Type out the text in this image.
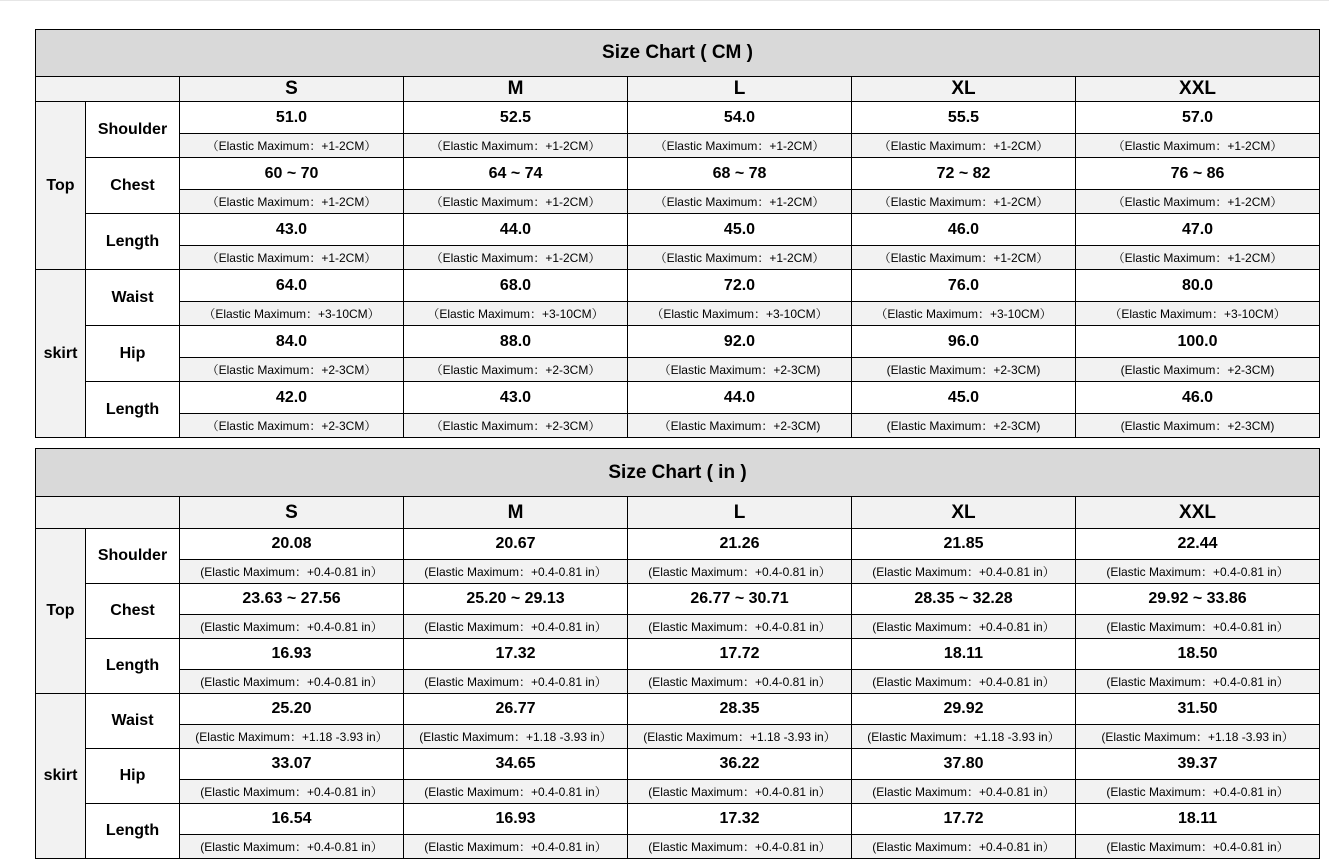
Size Chart ( CM )						
		S	M	L	XL	XXL
Top	Shoulder	51.0	52.5	54.0	55.5	57.0
		（Elastic Maximum：+1-2CM）	（Elastic Maximum：+1-2CM）	（Elastic Maximum：+1-2CM）	（Elastic Maximum：+1-2CM）	（Elastic Maximum：+1-2CM）
	Chest	60 ~ 70	64 ~ 74	68 ~ 78	72 ~ 82	76 ~ 86
		（Elastic Maximum：+1-2CM）	（Elastic Maximum：+1-2CM）	（Elastic Maximum：+1-2CM）	（Elastic Maximum：+1-2CM）	（Elastic Maximum：+1-2CM）
	Length	43.0	44.0	45.0	46.0	47.0
		（Elastic Maximum：+1-2CM）	（Elastic Maximum：+1-2CM）	（Elastic Maximum：+1-2CM）	（Elastic Maximum：+1-2CM）	（Elastic Maximum：+1-2CM）
skirt	Waist	64.0	68.0	72.0	76.0	80.0
		（Elastic Maximum：+3-10CM）	（Elastic Maximum：+3-10CM）	（Elastic Maximum：+3-10CM）	（Elastic Maximum：+3-10CM）	（Elastic Maximum：+3-10CM）
	Hip	84.0	88.0	92.0	96.0	100.0
		（Elastic Maximum：+2-3CM）	（Elastic Maximum：+2-3CM）	（Elastic Maximum：+2-3CM)	(Elastic Maximum：+2-3CM)	(Elastic Maximum：+2-3CM)
	Length	42.0	43.0	44.0	45.0	46.0
		（Elastic Maximum：+2-3CM）	（Elastic Maximum：+2-3CM）	（Elastic Maximum：+2-3CM)	(Elastic Maximum：+2-3CM)	(Elastic Maximum：+2-3CM)
Size Chart ( in )						
		S	M	L	XL	XXL
Top	Shoulder	20.08	20.67	21.26	21.85	22.44
		(Elastic Maximum：+0.4-0.81 in）	(Elastic Maximum：+0.4-0.81 in）	(Elastic Maximum：+0.4-0.81 in）	(Elastic Maximum：+0.4-0.81 in）	(Elastic Maximum：+0.4-0.81 in）
	Chest	23.63 ~ 27.56	25.20 ~ 29.13	26.77 ~ 30.71	28.35 ~ 32.28	29.92 ~ 33.86
		(Elastic Maximum：+0.4-0.81 in）	(Elastic Maximum：+0.4-0.81 in）	(Elastic Maximum：+0.4-0.81 in）	(Elastic Maximum：+0.4-0.81 in）	(Elastic Maximum：+0.4-0.81 in）
	Length	16.93	17.32	17.72	18.11	18.50
		(Elastic Maximum：+0.4-0.81 in）	(Elastic Maximum：+0.4-0.81 in）	(Elastic Maximum：+0.4-0.81 in）	(Elastic Maximum：+0.4-0.81 in）	(Elastic Maximum：+0.4-0.81 in）
skirt	Waist	25.20	26.77	28.35	29.92	31.50
		(Elastic Maximum：+1.18 -3.93 in）	(Elastic Maximum：+1.18 -3.93 in）	(Elastic Maximum：+1.18 -3.93 in）	(Elastic Maximum：+1.18 -3.93 in）	(Elastic Maximum：+1.18 -3.93 in）
	Hip	33.07	34.65	36.22	37.80	39.37
		(Elastic Maximum：+0.4-0.81 in）	(Elastic Maximum：+0.4-0.81 in）	(Elastic Maximum：+0.4-0.81 in）	(Elastic Maximum：+0.4-0.81 in）	(Elastic Maximum：+0.4-0.81 in）
	Length	16.54	16.93	17.32	17.72	18.11
		(Elastic Maximum：+0.4-0.81 in）	(Elastic Maximum：+0.4-0.81 in）	(Elastic Maximum：+0.4-0.81 in）	(Elastic Maximum：+0.4-0.81 in）	(Elastic Maximum：+0.4-0.81 in）
